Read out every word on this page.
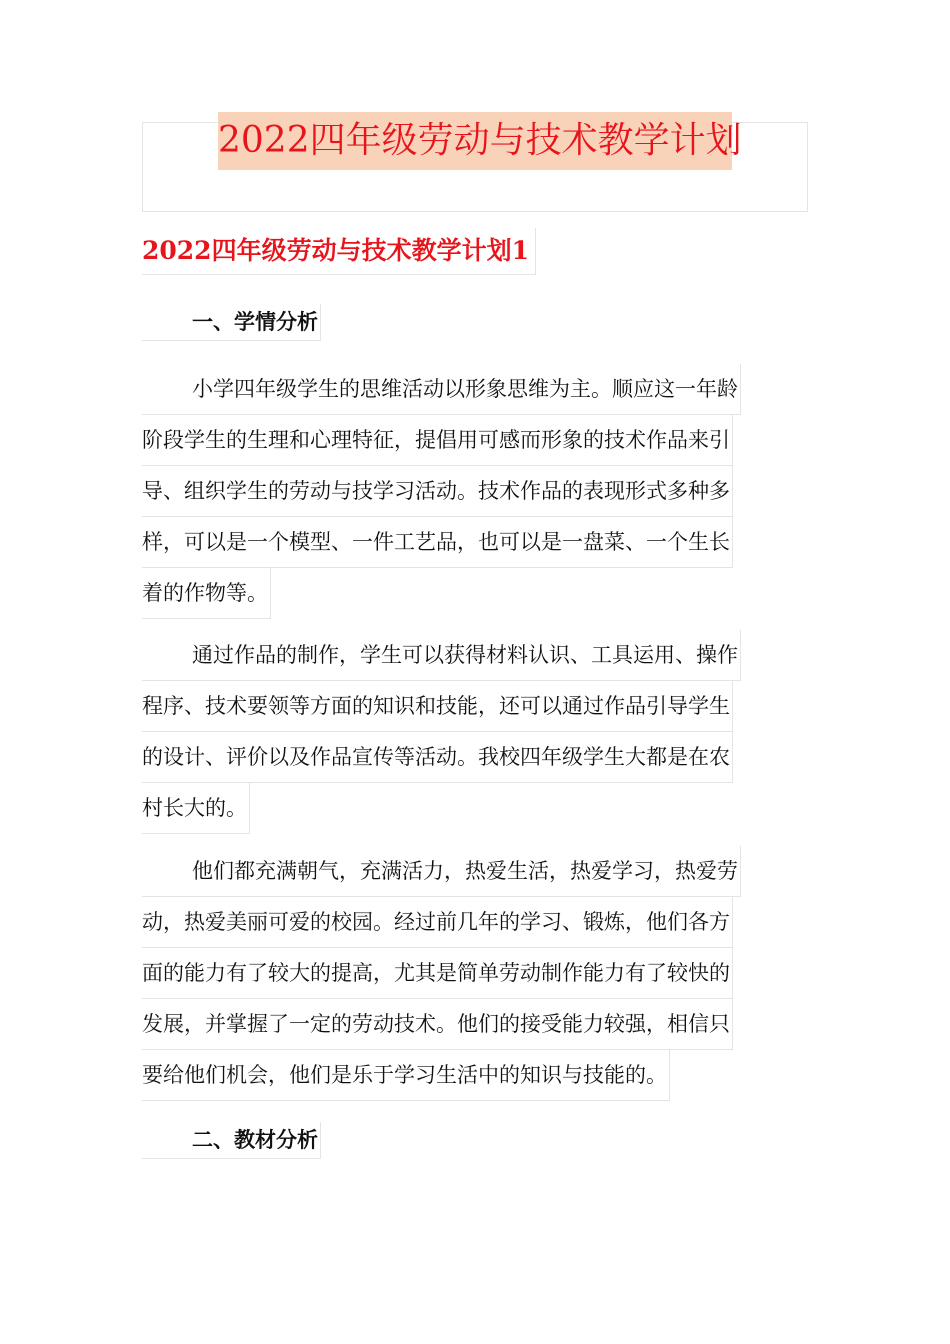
2022四年级劳动与技术教学计划
2022四年级劳动与技术教学计划1
一、学情分析
小学四年级学生的思维活动以形象思维为主。顺应这一年龄
阶段学生的生理和心理特征，提倡用可感而形象的技术作品来引
导、组织学生的劳动与技学习活动。技术作品的表现形式多种多
样，可以是一个模型、一件工艺品，也可以是一盘菜、一个生长
着的作物等。
通过作品的制作，学生可以获得材料认识、工具运用、操作
程序、技术要领等方面的知识和技能，还可以通过作品引导学生
的设计、评价以及作品宣传等活动。我校四年级学生大都是在农
村长大的。
他们都充满朝气，充满活力，热爱生活，热爱学习，热爱劳
动，热爱美丽可爱的校园。经过前几年的学习、锻炼，他们各方
面的能力有了较大的提高，尤其是简单劳动制作能力有了较快的
发展，并掌握了一定的劳动技术。他们的接受能力较强，相信只
要给他们机会，他们是乐于学习生活中的知识与技能的。
二、教材分析
